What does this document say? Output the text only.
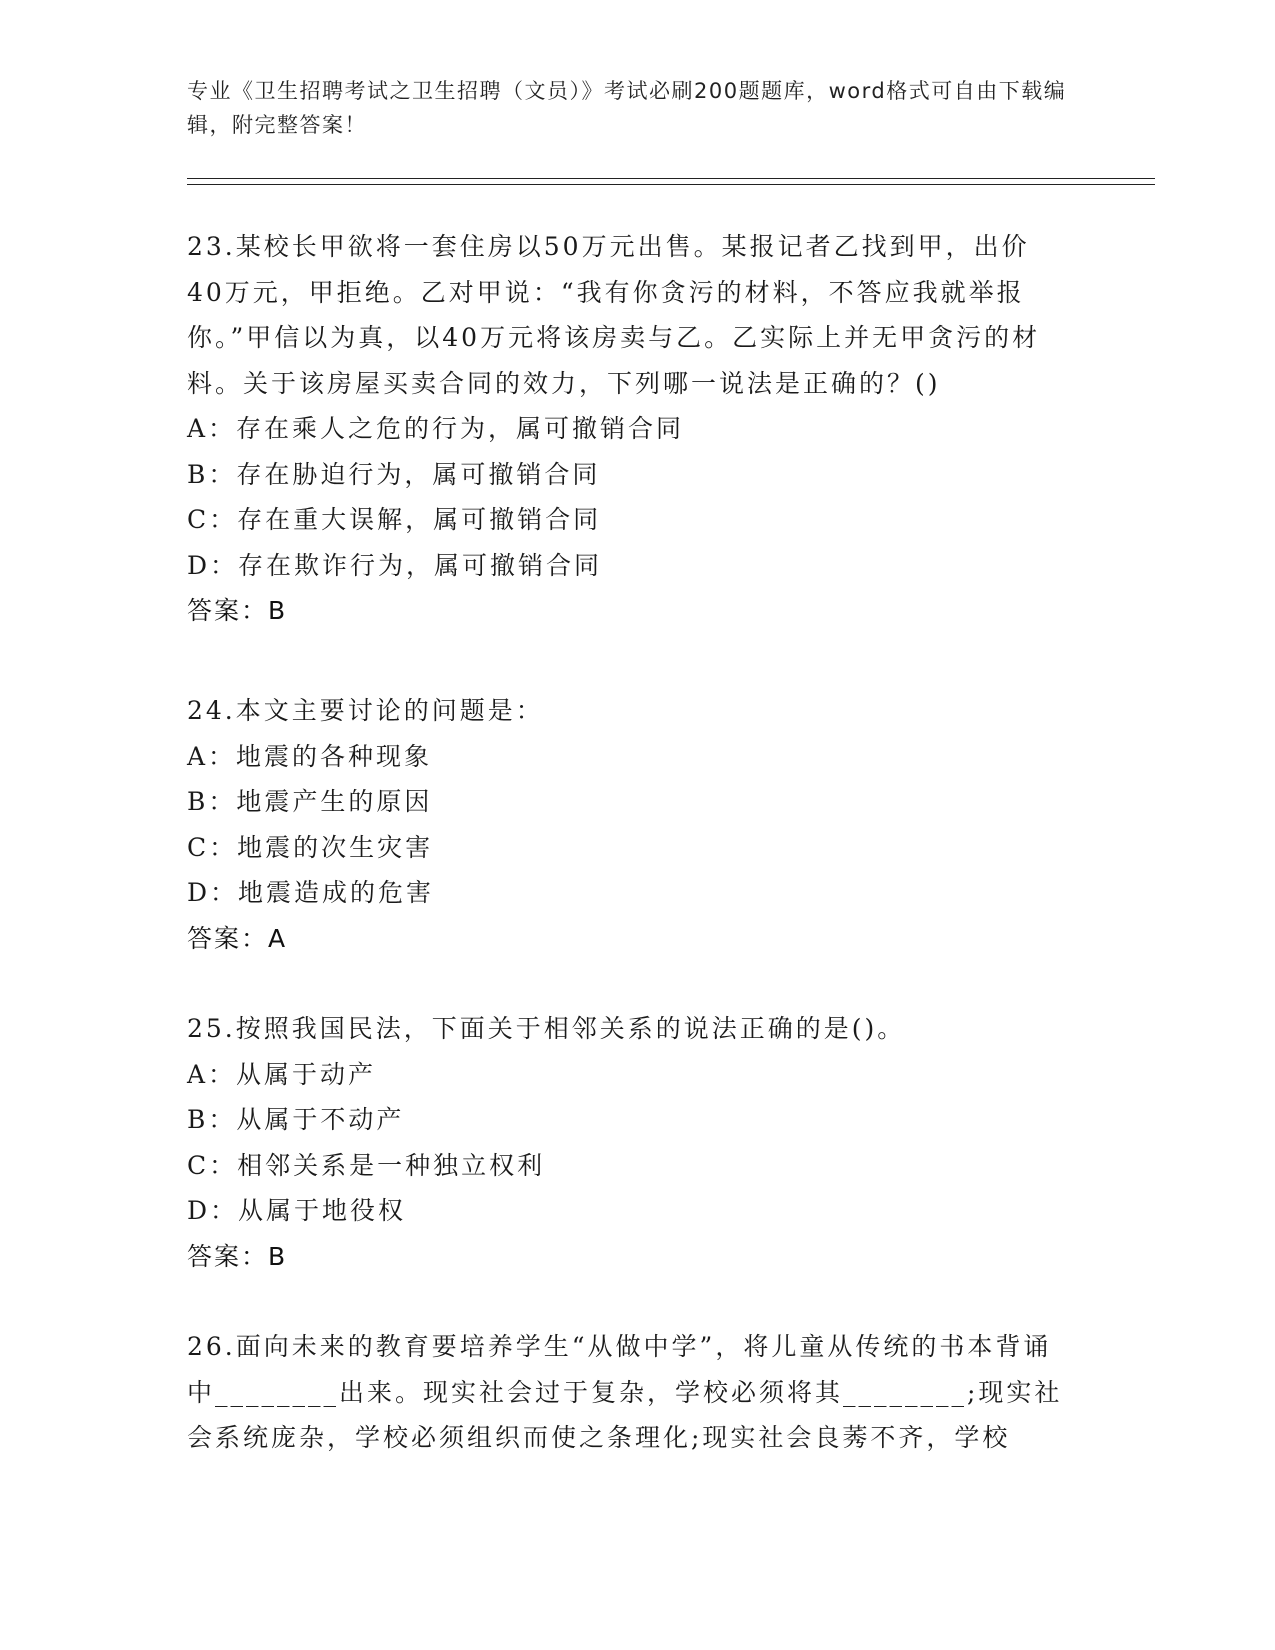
专业《卫生招聘考试之卫生招聘（文员）》考试必刷200题题库，word格式可自由下载编辑，附完整答案！

23.某校长甲欲将一套住房以50万元出售。某报记者乙找到甲，出价40万元，甲拒绝。乙对甲说：“我有你贪污的材料，不答应我就举报你。”甲信以为真，以40万元将该房卖与乙。乙实际上并无甲贪污的材料。关于该房屋买卖合同的效力，下列哪一说法是正确的？()

A：存在乘人之危的行为，属可撤销合同

B：存在胁迫行为，属可撤销合同

C：存在重大误解，属可撤销合同

D：存在欺诈行为，属可撤销合同

答案：B

24.本文主要讨论的问题是：

A：地震的各种现象

B：地震产生的原因

C：地震的次生灾害

D：地震造成的危害

答案：A

25.按照我国民法，下面关于相邻关系的说法正确的是()。

A：从属于动产

B：从属于不动产

C：相邻关系是一种独立权利

D：从属于地役权

答案：B

26.面向未来的教育要培养学生“从做中学”，将儿童从传统的书本背诵中________出来。现实社会过于复杂，学校必须将其________;现实社会系统庞杂，学校必须组织而使之条理化;现实社会良莠不齐，学校
